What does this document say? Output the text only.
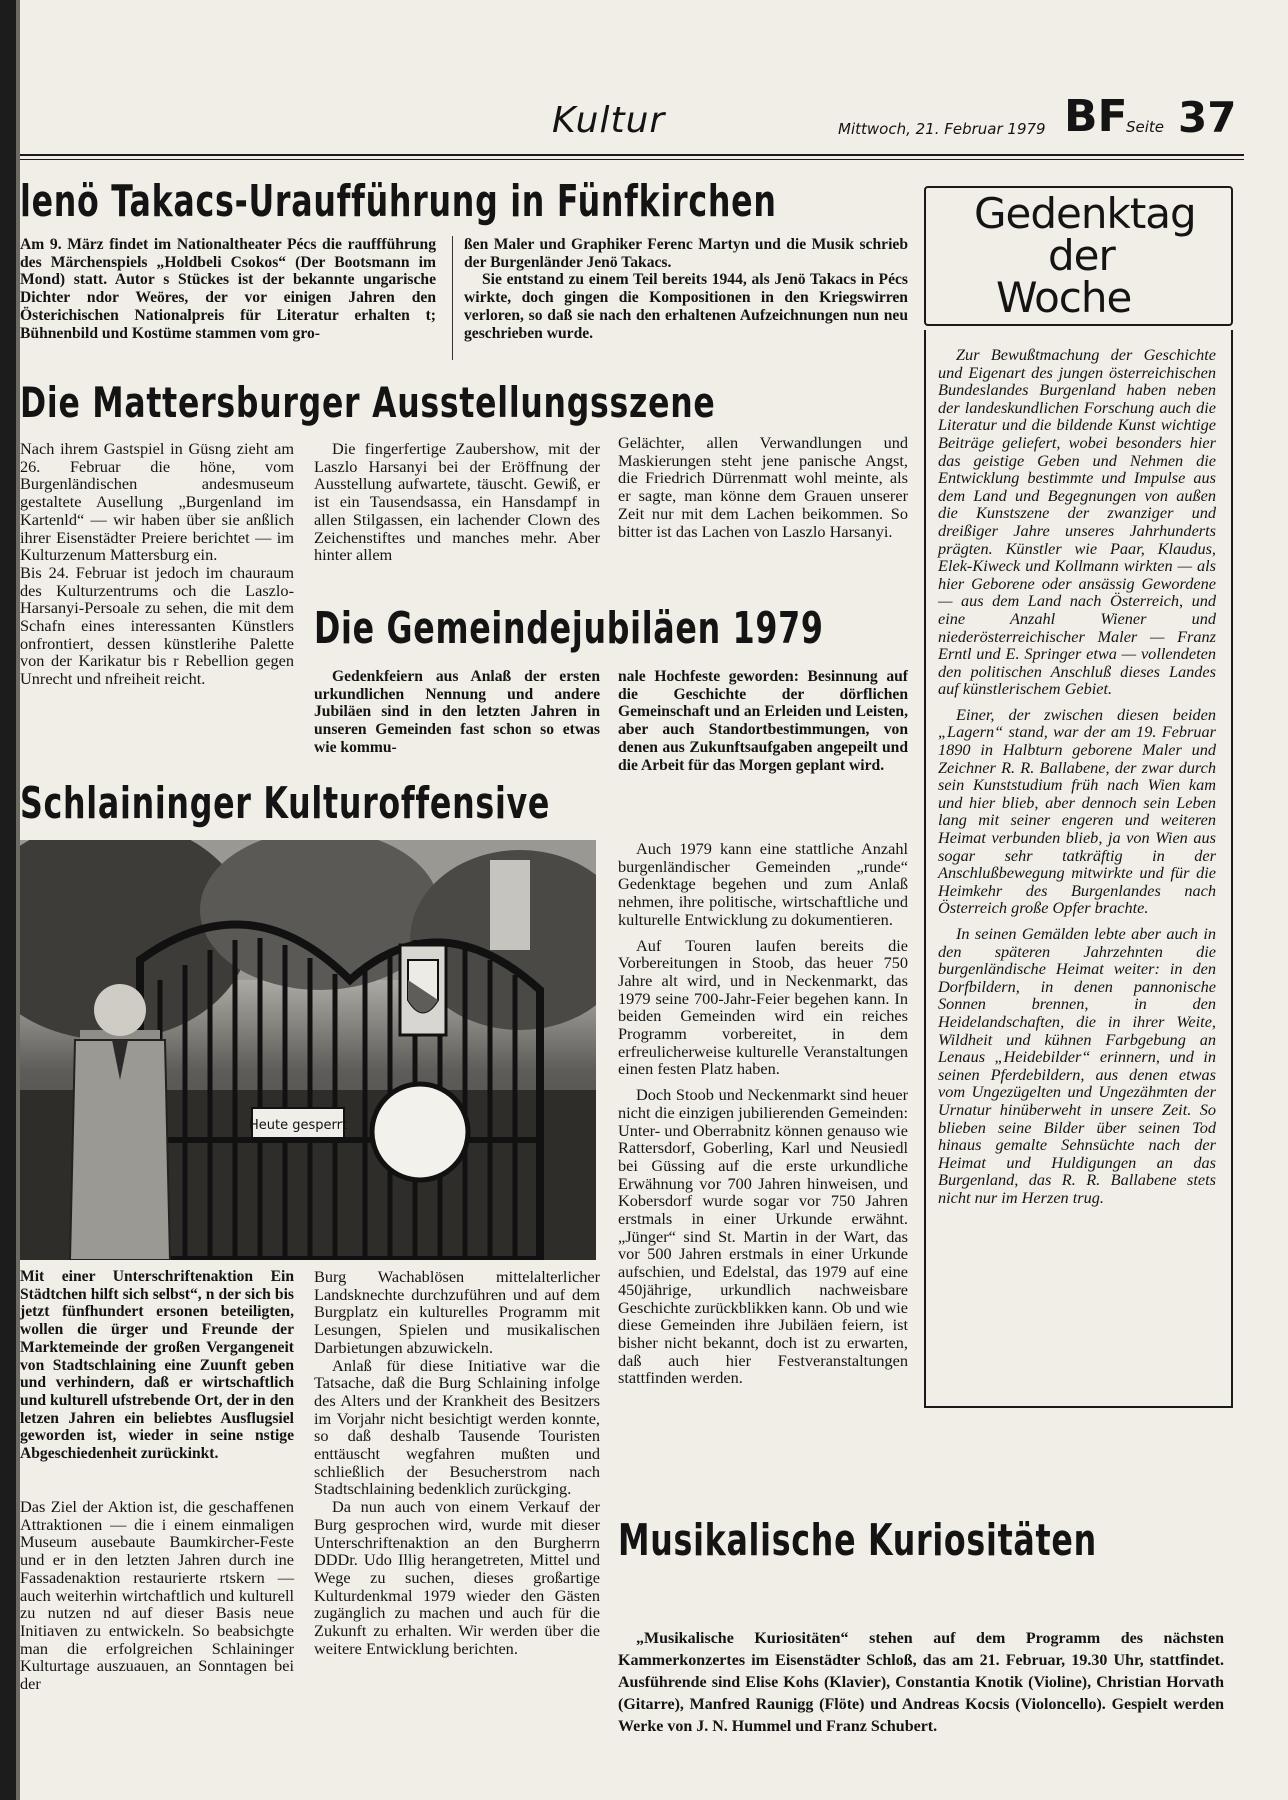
Kultur	Mittwoch, 21. Februar 1979 BF
Seite 37
lenö Takacs-Uraufführung in Fünfkirchen

Am 9. März findet im Nationaltheater Pécs die rauffführung des Märchenspiels „Holdbeli Csokos“ (Der Bootsmann im Mond) statt. Autor s Stückes ist der bekannte ungarische Dichter ndor Weöres, der vor einigen Jahren den Österichischen Nationalpreis für Literatur erhalten t; Bühnenbild und Kostüme stammen vom gro-

ßen Maler und Graphiker Ferenc Martyn und die Musik schrieb der Burgenländer Jenö Takacs.

Sie entstand zu einem Teil bereits 1944, als Jenö Takacs in Pécs wirkte, doch gingen die Kompositionen in den Kriegswirren verloren, so daß sie nach den erhaltenen Aufzeichnungen nun neu geschrieben wurde.

Die Mattersburger Ausstellungsszene

Nach ihrem Gastspiel in Güsng zieht am 26. Februar die höne, vom Burgenländischen andesmuseum gestaltete Ausellung „Burgenland im Kartenld“ — wir haben über sie anßlich ihrer Eisenstädter Preiere berichtet — im Kulturzenum Mattersburg ein.

Bis 24. Februar ist jedoch im chauraum des Kulturzentrums och die Laszlo-Harsanyi-Persoale zu sehen, die mit dem Schafn eines interessanten Künstlers onfrontiert, dessen künstlerihe Palette von der Karikatur bis r Rebellion gegen Unrecht und nfreiheit reicht.

Die fingerfertige Zaubershow, mit der Laszlo Harsanyi bei der Eröffnung der Ausstellung aufwartete, täuscht. Gewiß, er ist ein Tausendsassa, ein Hansdampf in allen Stilgassen, ein lachender Clown des Zeichenstiftes und manches mehr. Aber hinter allem

Gelächter, allen Verwandlungen und Maskierungen steht jene panische Angst, die Friedrich Dürrenmatt wohl meinte, als er sagte, man könne dem Grauen unserer Zeit nur mit dem Lachen beikommen. So bitter ist das Lachen von Laszlo Harsanyi.

Die Gemeindejubiläen 1979

Gedenkfeiern aus Anlaß der ersten urkundlichen Nennung und andere Jubiläen sind in den letzten Jahren in unseren Gemeinden fast schon so etwas wie kommu-

nale Hochfeste geworden: Besinnung auf die Geschichte der dörflichen Gemeinschaft und an Erleiden und Leisten, aber auch Standortbestimmungen, von denen aus Zukunftsaufgaben angepeilt und die Arbeit für das Morgen geplant wird.

Auch 1979 kann eine stattliche Anzahl burgenländischer Gemeinden „runde“ Gedenktage begehen und zum Anlaß nehmen, ihre politische, wirtschaftliche und kulturelle Entwicklung zu dokumentieren.

Auf Touren laufen bereits die Vorbereitungen in Stoob, das heuer 750 Jahre alt wird, und in Neckenmarkt, das 1979 seine 700-Jahr-Feier begehen kann. In beiden Gemeinden wird ein reiches Programm vorbereitet, in dem erfreulicherweise kulturelle Veranstaltungen einen festen Platz haben.

Doch Stoob und Neckenmarkt sind heuer nicht die einzigen jubilierenden Gemeinden: Unter- und Oberrabnitz können genauso wie Rattersdorf, Goberling, Karl und Neusiedl bei Güssing auf die erste urkundliche Erwähnung vor 700 Jahren hinweisen, und Kobersdorf wurde sogar vor 750 Jahren erstmals in einer Urkunde erwähnt. „Jünger“ sind St. Martin in der Wart, das vor 500 Jahren erstmals in einer Urkunde aufschien, und Edelstal, das 1979 auf eine 450jährige, urkundlich nachweisbare Geschichte zurückblikken kann. Ob und wie diese Gemeinden ihre Jubiläen feiern, ist bisher nicht bekannt, doch ist zu erwarten, daß auch hier Festveranstaltungen stattfinden werden.

Schlaininger Kulturoffensive
Heute gesperrt

Mit einer Unterschriftenaktion Ein Städtchen hilft sich selbst“, n der sich bis jetzt fünfhundert ersonen beteiligten, wollen die ürger und Freunde der Marktemeinde der großen Vergangeneit von Stadtschlaining eine Zuunft geben und verhindern, daß er wirtschaftlich und kulturell ufstrebende Ort, der in den letzen Jahren ein beliebtes Ausflugsiel geworden ist, wieder in seine nstige Abgeschiedenheit zurückinkt.

Das Ziel der Aktion ist, die geschaffenen Attraktionen — die i einem einmaligen Museum ausebaute Baumkircher-Feste und er in den letzten Jahren durch ine Fassadenaktion restaurierte rtskern — auch weiterhin wirtchaftlich und kulturell zu nutzen nd auf dieser Basis neue Initiaven zu entwickeln. So beabsichgte man die erfolgreichen Schlaininger Kulturtage auszuauen, an Sonntagen bei der

Burg Wachablösen mittelalterlicher Landsknechte durchzuführen und auf dem Burgplatz ein kulturelles Programm mit Lesungen, Spielen und musikalischen Darbietungen abzuwickeln.

Anlaß für diese Initiative war die Tatsache, daß die Burg Schlaining infolge des Alters und der Krankheit des Besitzers im Vorjahr nicht besichtigt werden konnte, so daß deshalb Tausende Touristen enttäuscht wegfahren mußten und schließlich der Besucherstrom nach Stadtschlaining bedenklich zurückging.

Da nun auch von einem Verkauf der Burg gesprochen wird, wurde mit dieser Unterschriftenaktion an den Burgherrn DDDr. Udo Illig herangetreten, Mittel und Wege zu suchen, dieses großartige Kulturdenkmal 1979 wieder den Gästen zugänglich zu machen und auch für die Zukunft zu erhalten. Wir werden über die weitere Entwicklung berichten.

Gedenktag
der
Woche

Zur Bewußtmachung der Geschichte und Eigenart des jungen österreichischen Bundeslandes Burgenland haben neben der landeskundlichen Forschung auch die Literatur und die bildende Kunst wichtige Beiträge geliefert, wobei besonders hier das geistige Geben und Nehmen die Entwicklung bestimmte und Impulse aus dem Land und Begegnungen von außen die Kunstszene der zwanziger und dreißiger Jahre unseres Jahrhunderts prägten. Künstler wie Paar, Klaudus, Elek-Kiweck und Kollmann wirkten — als hier Geborene oder ansässig Gewordene — aus dem Land nach Österreich, und eine Anzahl Wiener und niederösterreichischer Maler — Franz Erntl und E. Springer etwa — vollendeten den politischen Anschluß dieses Landes auf künstlerischem Gebiet.

Einer, der zwischen diesen beiden „Lagern“ stand, war der am 19. Februar 1890 in Halbturn geborene Maler und Zeichner R. R. Ballabene, der zwar durch sein Kunststudium früh nach Wien kam und hier blieb, aber dennoch sein Leben lang mit seiner engeren und weiteren Heimat verbunden blieb, ja von Wien aus sogar sehr tatkräftig in der Anschlußbewegung mitwirkte und für die Heimkehr des Burgenlandes nach Österreich große Opfer brachte.

In seinen Gemälden lebte aber auch in den späteren Jahrzehnten die burgenländische Heimat weiter: in den Dorfbildern, in denen pannonische Sonnen brennen, in den Heidelandschaften, die in ihrer Weite, Wildheit und kühnen Farbgebung an Lenaus „Heidebilder“ erinnern, und in seinen Pferdebildern, aus denen etwas vom Ungezügelten und Ungezähmten der Urnatur hinüberweht in unsere Zeit. So blieben seine Bilder über seinen Tod hinaus gemalte Sehnsüchte nach der Heimat und Huldigungen an das Burgenland, das R. R. Ballabene stets nicht nur im Herzen trug.

Musikalische Kuriositäten

„Musikalische Kuriositäten“ stehen auf dem Programm des nächsten Kammerkonzertes im Eisenstädter Schloß, das am 21. Februar, 19.30 Uhr, stattfindet. Ausführende sind Elise Kohs (Klavier), Constantia Knotik (Violine), Christian Horvath (Gitarre), Manfred Raunigg (Flöte) und Andreas Kocsis (Violoncello). Gespielt werden Werke von J. N. Hummel und Franz Schubert.
